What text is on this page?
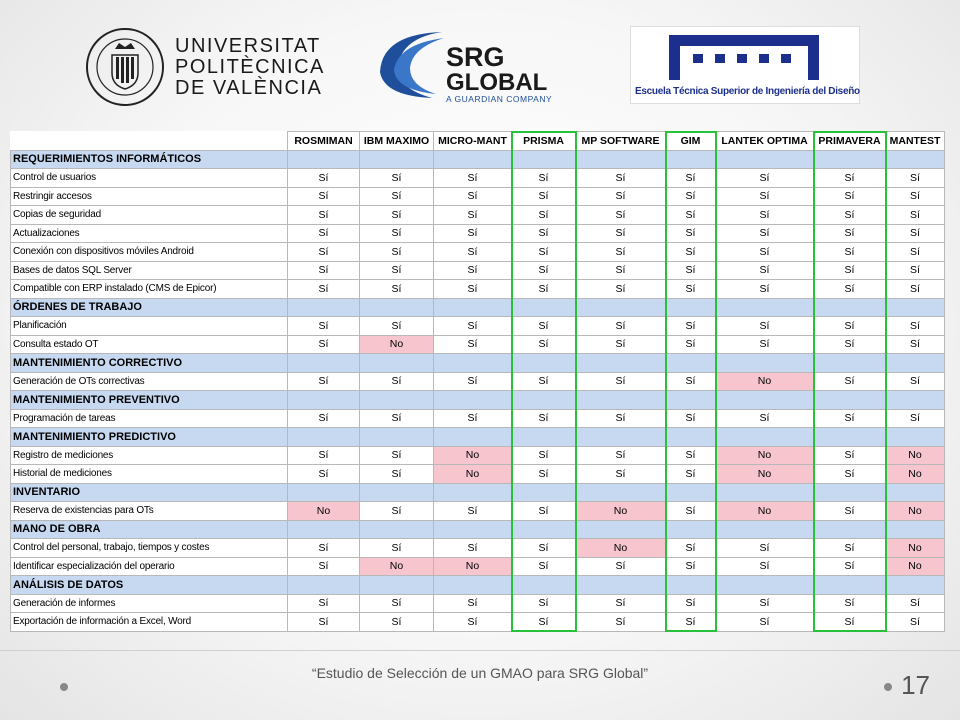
UNIVERSITAT
POLITÈCNICA
DE VALÈNCIA
SRG
GLOBAL
A GUARDIAN COMPANY
Escuela Técnica Superior de Ingeniería del Diseño
	ROSMIMAN	IBM MAXIMO	MICRO-MANT	PRISMA	MP SOFTWARE	GIM	LANTEK OPTIMA	PRIMAVERA	MANTEST
REQUERIMIENTOS INFORMÁTICOS									
Control de usuarios	Sí	Sí	Sí	Sí	Sí	Sí	Sí	Sí	Sí
Restringir accesos	Sí	Sí	Sí	Sí	Sí	Sí	Sí	Sí	Sí
Copias de seguridad	Sí	Sí	Sí	Sí	Sí	Sí	Sí	Sí	Sí
Actualizaciones	Sí	Sí	Sí	Sí	Sí	Sí	Sí	Sí	Sí
Conexión con dispositivos móviles Android	Sí	Sí	Sí	Sí	Sí	Sí	Sí	Sí	Sí
Bases de datos SQL Server	Sí	Sí	Sí	Sí	Sí	Sí	Sí	Sí	Sí
Compatible con ERP instalado (CMS de Epicor)	Sí	Sí	Sí	Sí	Sí	Sí	Sí	Sí	Sí
ÓRDENES DE TRABAJO									
Planificación	Sí	Sí	Sí	Sí	Sí	Sí	Sí	Sí	Sí
Consulta estado OT	Sí	No	Sí	Sí	Sí	Sí	Sí	Sí	Sí
MANTENIMIENTO CORRECTIVO									
Generación de OTs correctivas	Sí	Sí	Sí	Sí	Sí	Sí	No	Sí	Sí
MANTENIMIENTO PREVENTIVO									
Programación de tareas	Sí	Sí	Sí	Sí	Sí	Sí	Sí	Sí	Sí
MANTENIMIENTO PREDICTIVO									
Registro de mediciones	Sí	Sí	No	Sí	Sí	Sí	No	Sí	No
Historial de mediciones	Sí	Sí	No	Sí	Sí	Sí	No	Sí	No
INVENTARIO									
Reserva de existencias para OTs	No	Sí	Sí	Sí	No	Sí	No	Sí	No
MANO DE OBRA									
Control del personal, trabajo, tiempos y costes	Sí	Sí	Sí	Sí	No	Sí	Sí	Sí	No
Identificar especialización del operario	Sí	No	No	Sí	Sí	Sí	Sí	Sí	No
ANÁLISIS DE DATOS									
Generación de informes	Sí	Sí	Sí	Sí	Sí	Sí	Sí	Sí	Sí
Exportación de información a Excel, Word	Sí	Sí	Sí	Sí	Sí	Sí	Sí	Sí	Sí
“Estudio de Selección de un GMAO para SRG Global”	17
